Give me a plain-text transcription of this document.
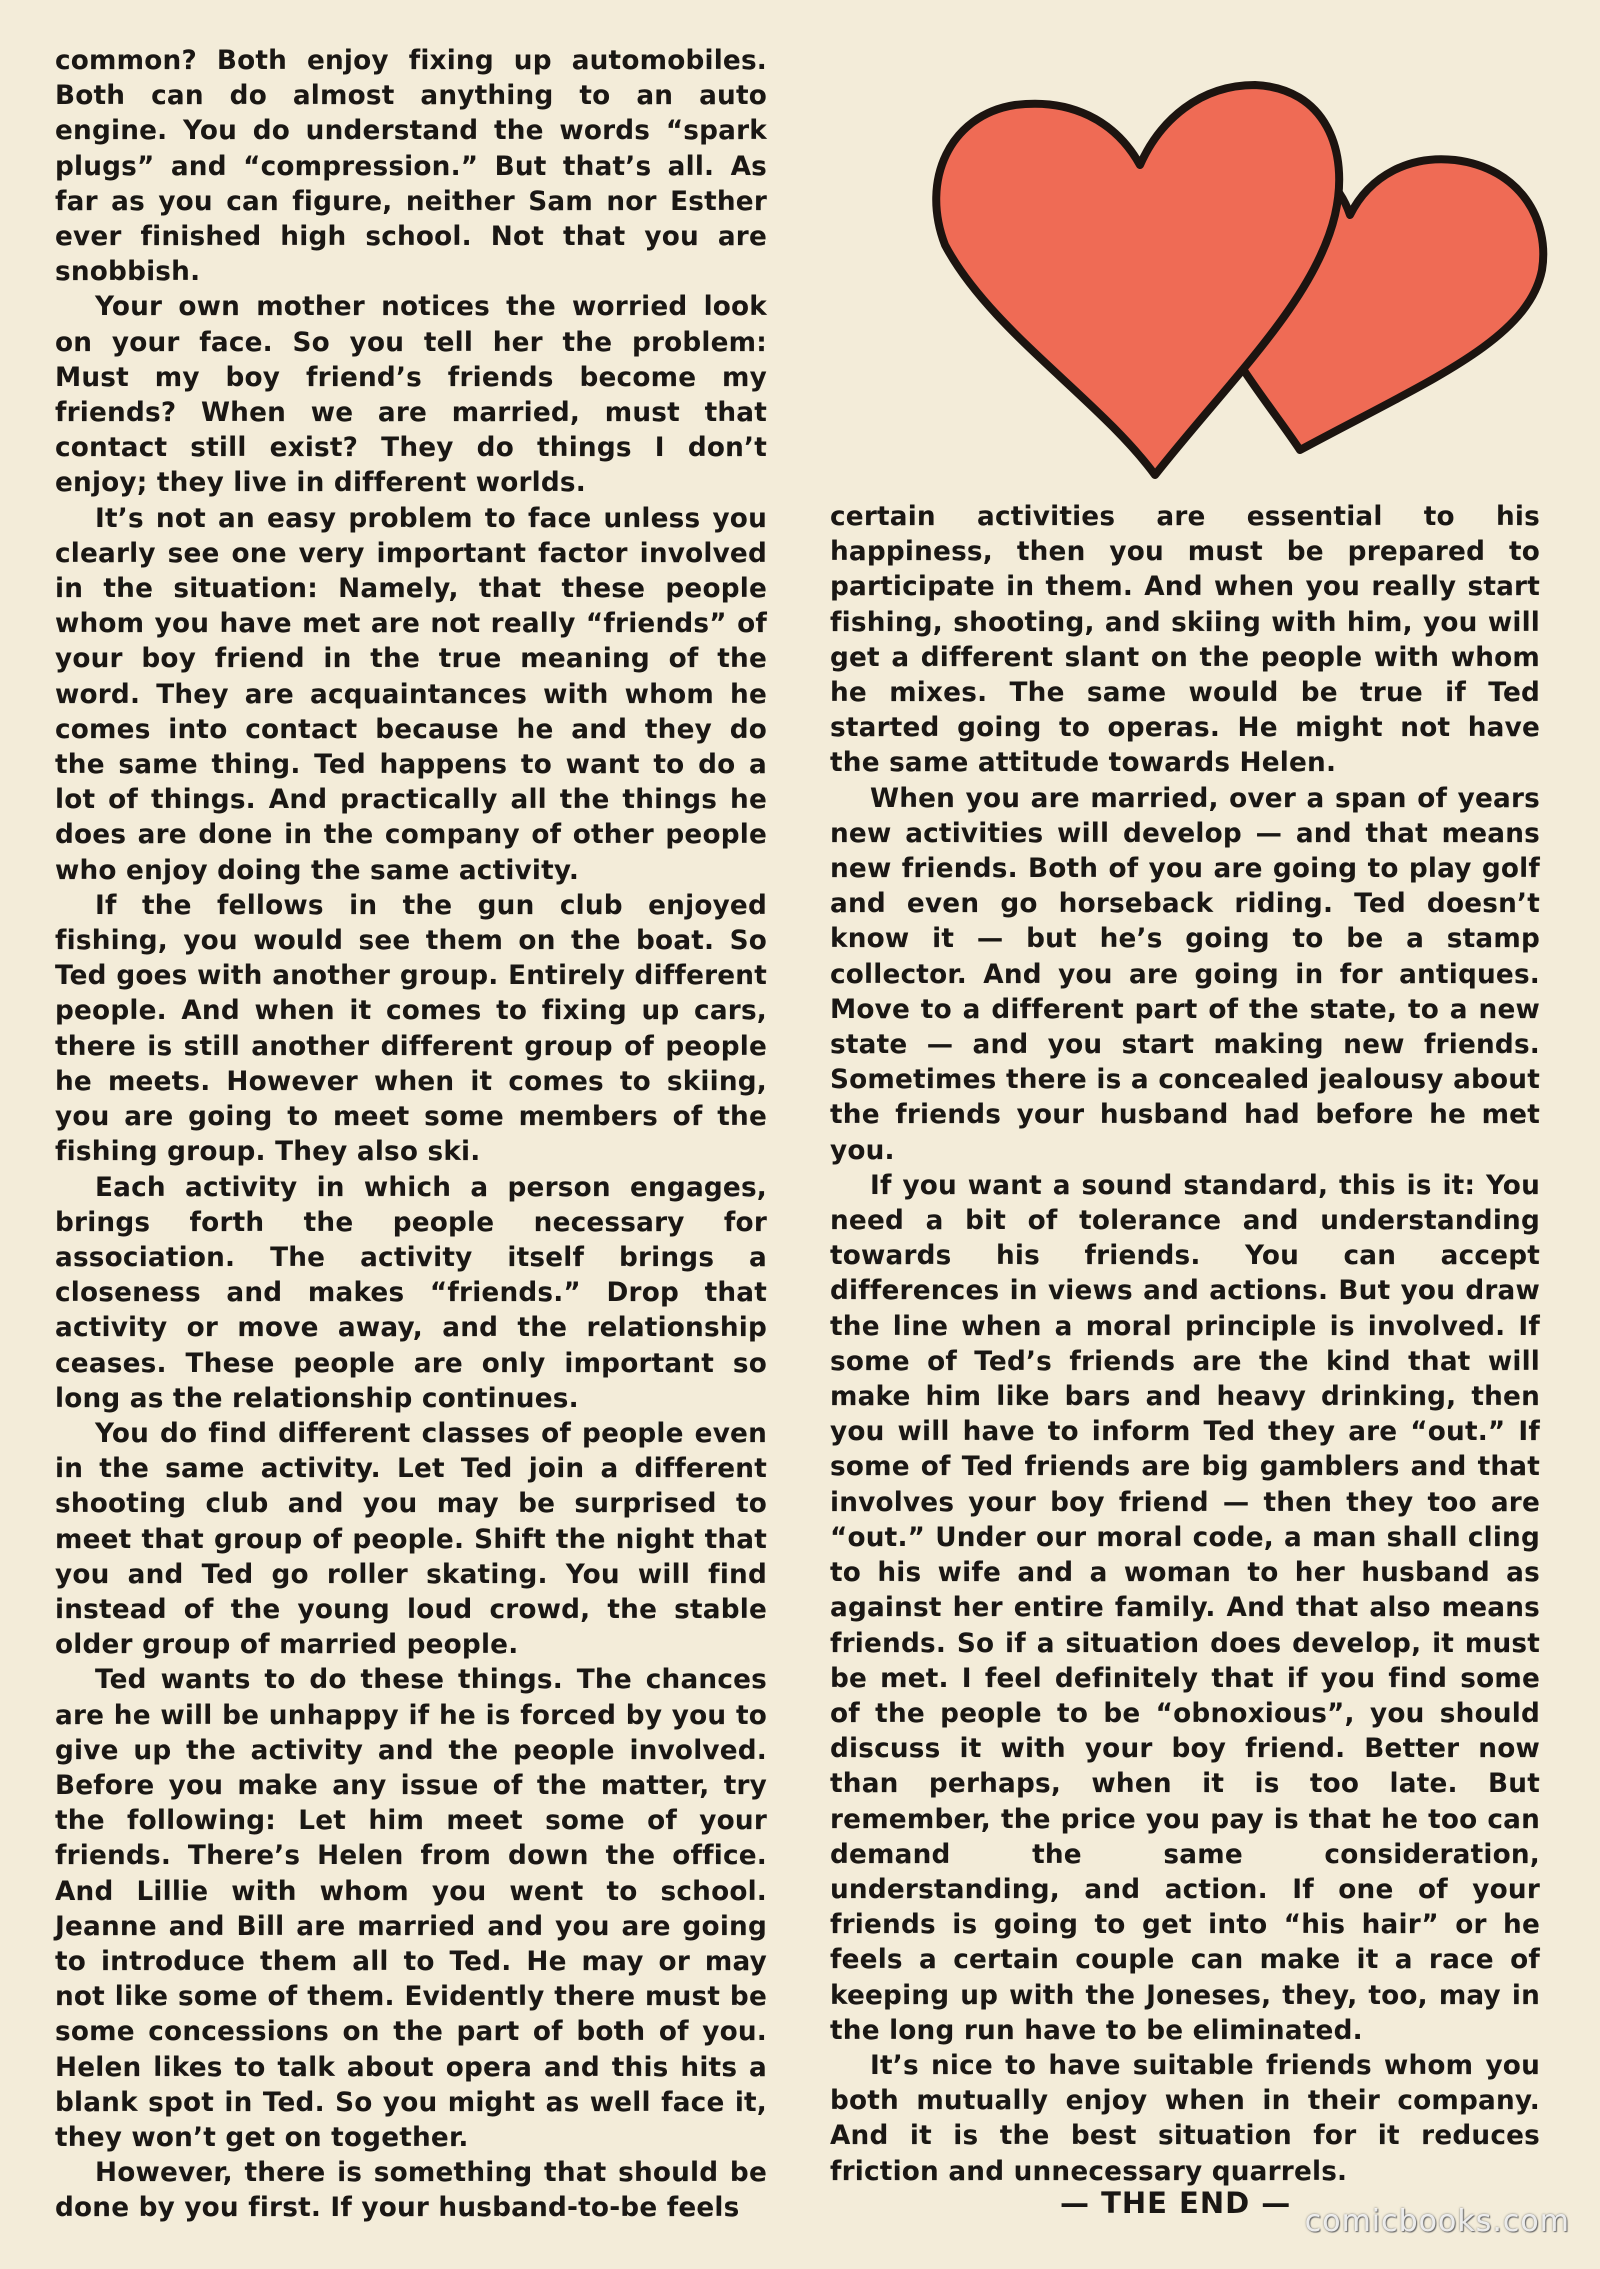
common? Both enjoy fixing up automobiles. Both can do almost anything to an auto engine. You do understand the words “spark plugs” and “compression.” But that’s all. As far as you can figure, neither Sam nor Esther ever finished high school. Not that you are snobbish.

Your own mother notices the worried look on your face. So you tell her the problem: Must my boy friend’s friends become my friends? When we are married, must that contact still exist? They do things I don’t enjoy; they live in different worlds.

It’s not an easy problem to face unless you clearly see one very important factor involved in the situation: Namely, that these people whom you have met are not really “friends” of your boy friend in the true meaning of the word. They are acquaintances with whom he comes into contact because he and they do the same thing. Ted happens to want to do a lot of things. And practically all the things he does are done in the company of other people who enjoy doing the same activity.

If the fellows in the gun club enjoyed fishing, you would see them on the boat. So Ted goes with another group. Entirely different people. And when it comes to fixing up cars, there is still another different group of people he meets. However when it comes to skiing, you are going to meet some members of the fishing group. They also ski.

Each activity in which a person engages, brings forth the people necessary for association. The activity itself brings a closeness and makes “friends.” Drop that activity or move away, and the relationship ceases. These people are only important so long as the relationship continues.

You do find different classes of people even in the same activity. Let Ted join a different shooting club and you may be surprised to meet that group of people. Shift the night that you and Ted go roller skating. You will find instead of the young loud crowd, the stable older group of married people.

Ted wants to do these things. The chances are he will be unhappy if he is forced by you to give up the activity and the people involved. Before you make any issue of the matter, try the following: Let him meet some of your friends. There’s Helen from down the office. And Lillie with whom you went to school. Jeanne and Bill are married and you are going to introduce them all to Ted. He may or may not like some of them. Evidently there must be some concessions on the part of both of you. Helen likes to talk about opera and this hits a blank spot in Ted. So you might as well face it, they won’t get on together.

However, there is something that should be done by you first. If your husband-to-be feels

certain activities are essential to his happiness, then you must be prepared to participate in them. And when you really start fishing, shooting, and skiing with him, you will get a different slant on the people with whom he mixes. The same would be true if Ted started going to operas. He might not have the same attitude towards Helen.

When you are married, over a span of years new activities will develop — and that means new friends. Both of you are going to play golf and even go horseback riding. Ted doesn’t know it — but he’s going to be a stamp collector. And you are going in for antiques. Move to a different part of the state, to a new state — and you start making new friends. Sometimes there is a concealed jealousy about the friends your husband had before he met you.

If you want a sound standard, this is it: You need a bit of tolerance and understanding towards his friends. You can accept differences in views and actions. But you draw the line when a moral principle is involved. If some of Ted’s friends are the kind that will make him like bars and heavy drinking, then you will have to inform Ted they are “out.” If some of Ted friends are big gamblers and that involves your boy friend — then they too are “out.” Under our moral code, a man shall cling to his wife and a woman to her husband as against her entire family. And that also means friends. So if a situation does develop, it must be met. I feel definitely that if you find some of the people to be “obnoxious”, you should discuss it with your boy friend. Better now than perhaps, when it is too late. But remember, the price you pay is that he too can demand the same consideration, understanding, and action. If one of your friends is going to get into “his hair” or he feels a certain couple can make it a race of keeping up with the Joneses, they, too, may in the long run have to be eliminated.

It’s nice to have suitable friends whom you both mutually enjoy when in their company. And it is the best situation for it reduces friction and unnecessary quarrels.

— THE END —
comicbooks.com
